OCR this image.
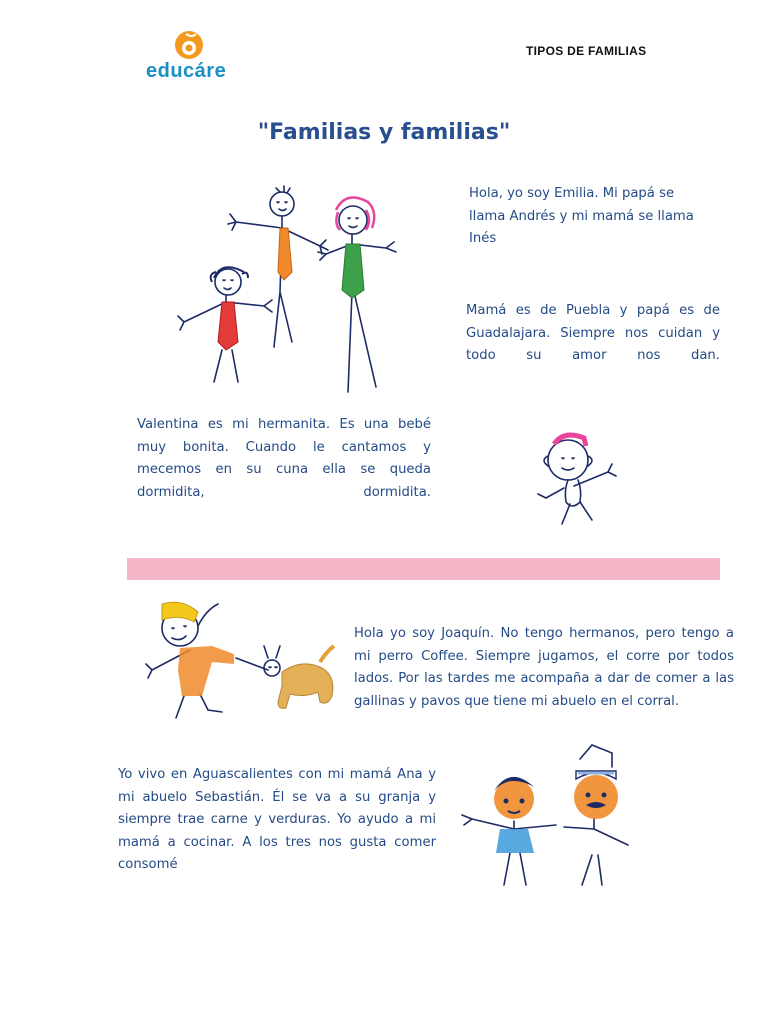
educáre
TIPOS DE FAMILIAS
"Familias y familias"

Hola, yo soy Emilia. Mi papá se llama Andrés y mi mamá se llama Inés

Mamá es de Puebla y papá es de Guadalajara. Siempre nos cuidan y todo su amor nos dan.

Valentina es mi hermanita. Es una bebé muy bonita. Cuando le cantamos y mecemos en su cuna ella se queda dormidita, dormidita.

Hola yo soy Joaquín. No tengo hermanos, pero tengo a mi perro Coffee. Siempre jugamos, el corre por todos lados. Por las tardes me acompaña a dar de comer a las gallinas y pavos que tiene mi abuelo en el corral.

Yo vivo en Aguascalientes con mi mamá Ana y mi abuelo Sebastián. Él se va a su granja y siempre trae carne y verduras. Yo ayudo a mi mamá a cocinar. A los tres nos gusta comer consomé
